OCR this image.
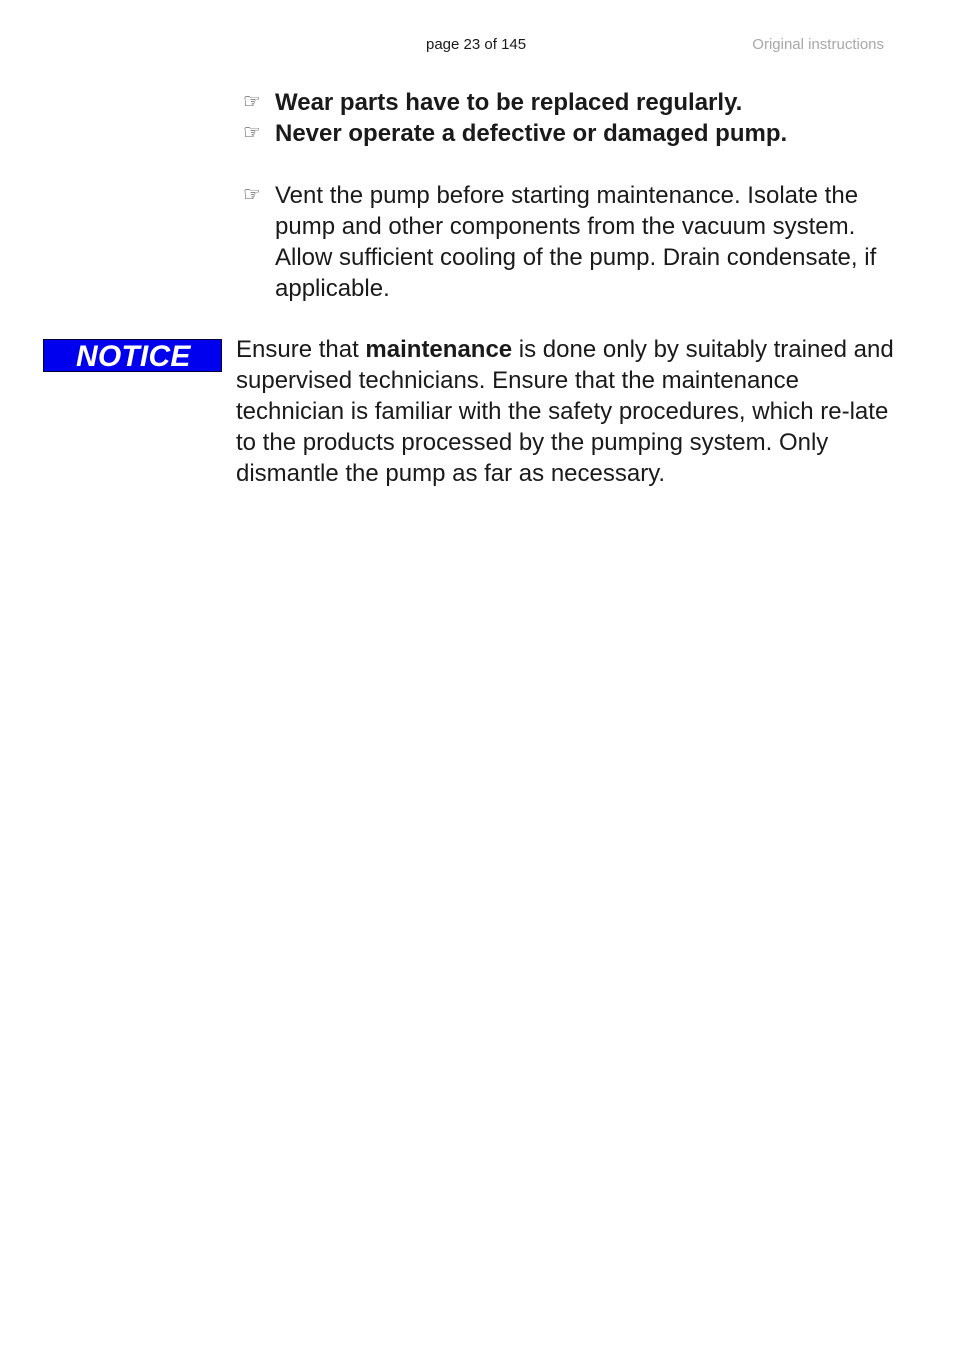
page 23 of 145	Original instructions
☞ Wear parts have to be replaced regularly.
☞ Never operate a defective or damaged pump.
☞ Vent the pump before starting maintenance. Isolate the pump and other components from the vacuum system. Allow sufficient cooling of the pump. Drain condensate, if applicable.
NOTICE	Ensure that maintenance is done only by suitably trained and supervised technicians. Ensure that the maintenance technician is familiar with the safety procedures, which re-late to the products processed by the pumping system. Only dismantle the pump as far as necessary.
